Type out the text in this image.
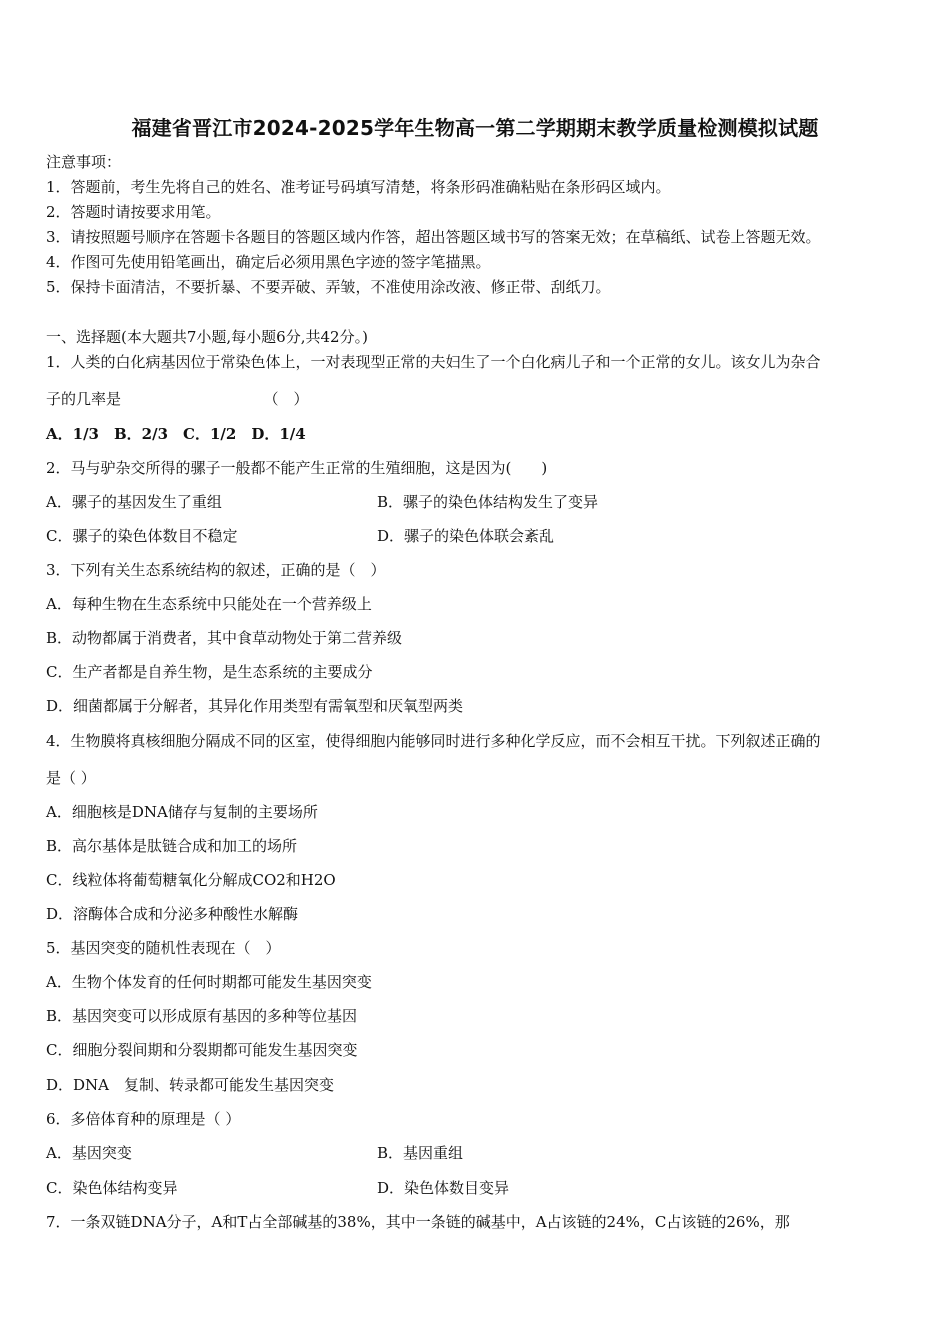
福建省晋江市2024-2025学年生物高一第二学期期末教学质量检测模拟试题
注意事项：
1．答题前，考生先将自己的姓名、准考证号码填写清楚，将条形码准确粘贴在条形码区域内。
2．答题时请按要求用笔。
3．请按照题号顺序在答题卡各题目的答题区域内作答，超出答题区域书写的答案无效；在草稿纸、试卷上答题无效。
4．作图可先使用铅笔画出，确定后必须用黑色字迹的签字笔描黑。
5．保持卡面清洁，不要折暴、不要弄破、弄皱，不准使用涂改液、修正带、刮纸刀。
一、选择题(本大题共7小题,每小题6分,共42分。)
1．人类的白化病基因位于常染色体上，一对表现型正常的夫妇生了一个白化病儿子和一个正常的女儿。该女儿为杂合
子的几率是　　　　　　　　　　（　）
A．1/3　B．2/3　C．1/2　D．1/4
2．马与驴杂交所得的骡子一般都不能产生正常的生殖细胞，这是因为(　　)
A．骡子的基因发生了重组	B．骡子的染色体结构发生了变异
C．骡子的染色体数目不稳定	D．骡子的染色体联会紊乱
3．下列有关生态系统结构的叙述，正确的是（　）
A．每种生物在生态系统中只能处在一个营养级上
B．动物都属于消费者，其中食草动物处于第二营养级
C．生产者都是自养生物，是生态系统的主要成分
D．细菌都属于分解者，其异化作用类型有需氧型和厌氧型两类
4．生物膜将真核细胞分隔成不同的区室，使得细胞内能够同时进行多种化学反应，而不会相互干扰。下列叙述正确的
是（ ）
A．细胞核是DNA储存与复制的主要场所
B．高尔基体是肽链合成和加工的场所
C．线粒体将葡萄糖氧化分解成CO2和H2O
D．溶酶体合成和分泌多种酸性水解酶
5．基因突变的随机性表现在（　）
A．生物个体发育的任何时期都可能发生基因突变
B．基因突变可以形成原有基因的多种等位基因
C．细胞分裂间期和分裂期都可能发生基因突变
D．DNA　复制、转录都可能发生基因突变
6．多倍体育种的原理是（ ）
A．基因突变	B．基因重组
C．染色体结构变异	D．染色体数目变异
7．一条双链DNA分子，A和T占全部碱基的38%，其中一条链的碱基中，A占该链的24%，C占该链的26%，那
